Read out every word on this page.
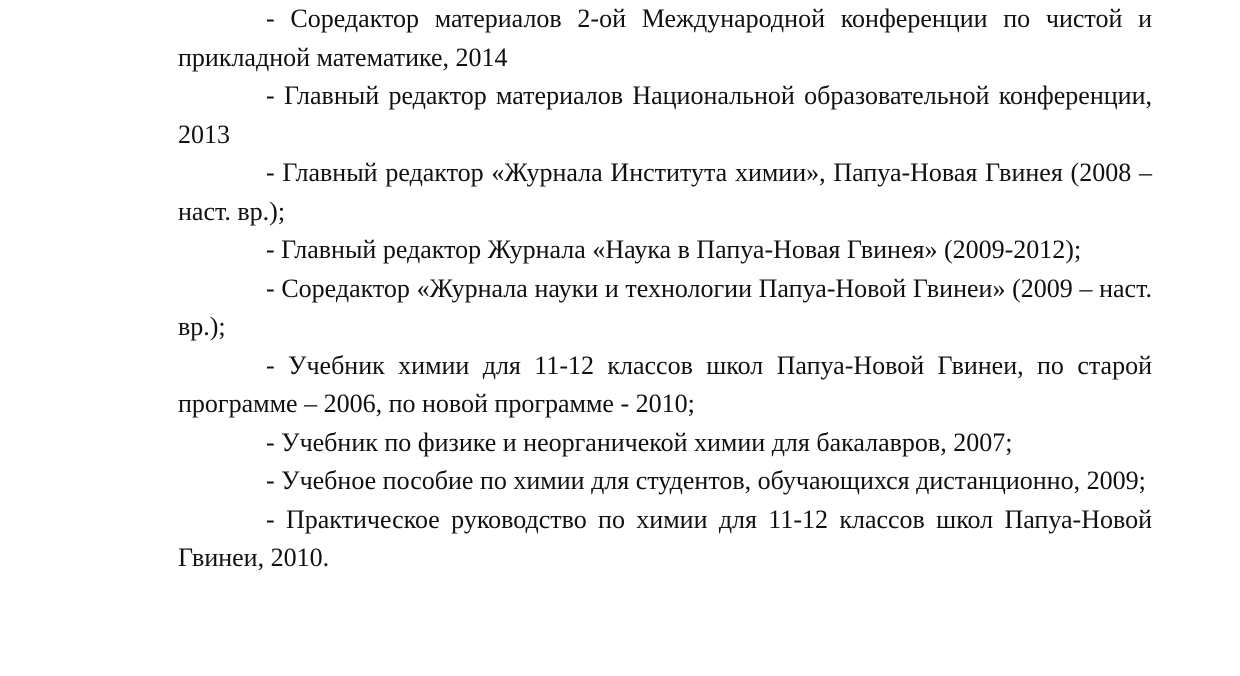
- Соредактор материалов 2-ой Международной конференции по чистой и прикладной математике, 2014

- Главный редактор материалов Национальной образовательной конференции, 2013

- Главный редактор «Журнала Института химии», Папуа-Новая Гвинея (2008 – наст. вр.);

- Главный редактор Журнала «Наука в Папуа-Новая Гвинея» (2009-2012);

- Соредактор «Журнала науки и технологии Папуа-Новой Гвинеи» (2009 – наст. вр.);

- Учебник химии для 11-12 классов школ Папуа-Новой Гвинеи, по старой программе – 2006, по новой программе - 2010;

- Учебник по физике и неорганичекой химии для бакалавров, 2007;

- Учебное пособие по химии для студентов, обучающихся дистанционно, 2009;

- Практическое руководство по химии для 11-12 классов школ Папуа-Новой Гвинеи, 2010.
